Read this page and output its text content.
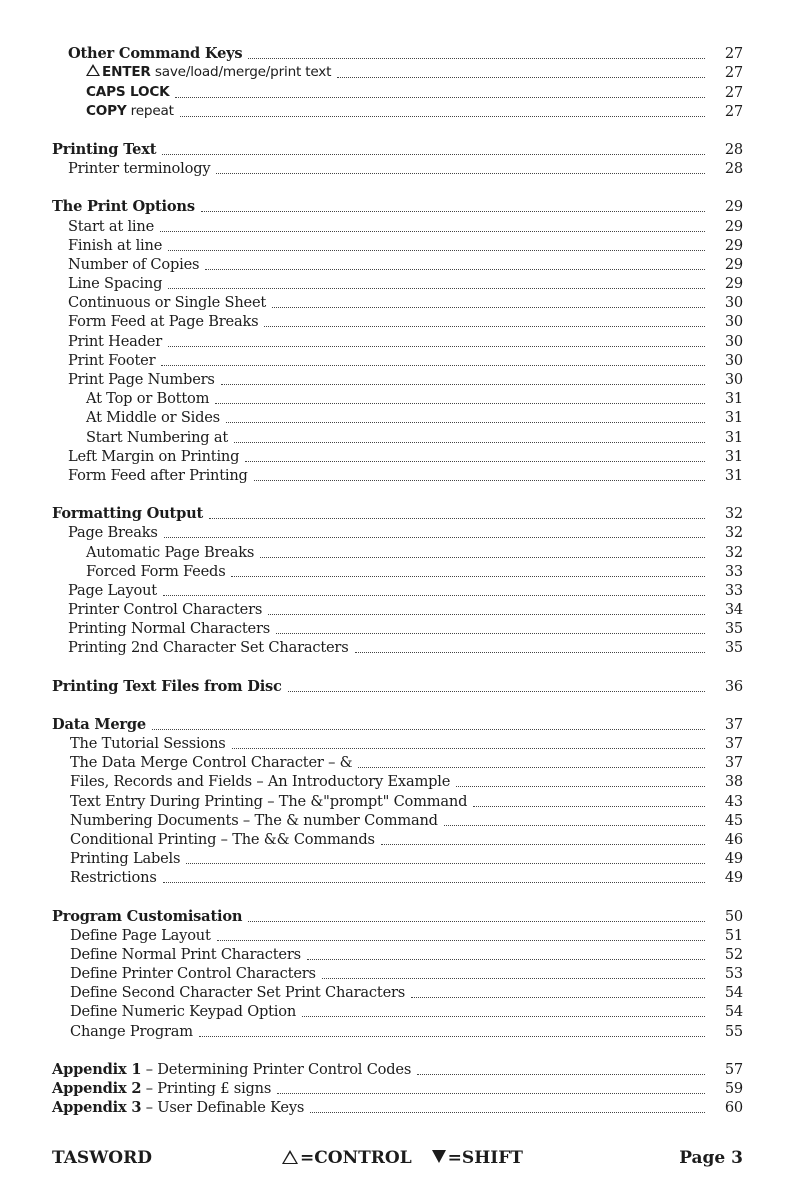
Other Command Keys	27
ENTER save/load/merge/print text	27
CAPS LOCK	27
COPY repeat	27
Printing Text	28
Printer terminology	28
The Print Options	29
Start at line	29
Finish at line	29
Number of Copies	29
Line Spacing	29
Continuous or Single Sheet	30
Form Feed at Page Breaks	30
Print Header	30
Print Footer	30
Print Page Numbers	30
At Top or Bottom	31
At Middle or Sides	31
Start Numbering at	31
Left Margin on Printing	31
Form Feed after Printing	31
Formatting Output	32
Page Breaks	32
Automatic Page Breaks	32
Forced Form Feeds	33
Page Layout	33
Printer Control Characters	34
Printing Normal Characters	35
Printing 2nd Character Set Characters	35
Printing Text Files from Disc	36
Data Merge	37
The Tutorial Sessions	37
The Data Merge Control Character – &	37
Files, Records and Fields – An Introductory Example	38
Text Entry During Printing – The &"prompt" Command	43
Numbering Documents – The & number Command	45
Conditional Printing – The && Commands	46
Printing Labels	49
Restrictions	49
Program Customisation	50
Define Page Layout	51
Define Normal Print Characters	52
Define Printer Control Characters	53
Define Second Character Set Print Characters	54
Define Numeric Keypad Option	54
Change Program	55
Appendix 1 – Determining Printer Control Codes	57
Appendix 2 – Printing £ signs	59
Appendix 3 – User Definable Keys	60
TASWORD	=CONTROL	=SHIFT	Page 3
